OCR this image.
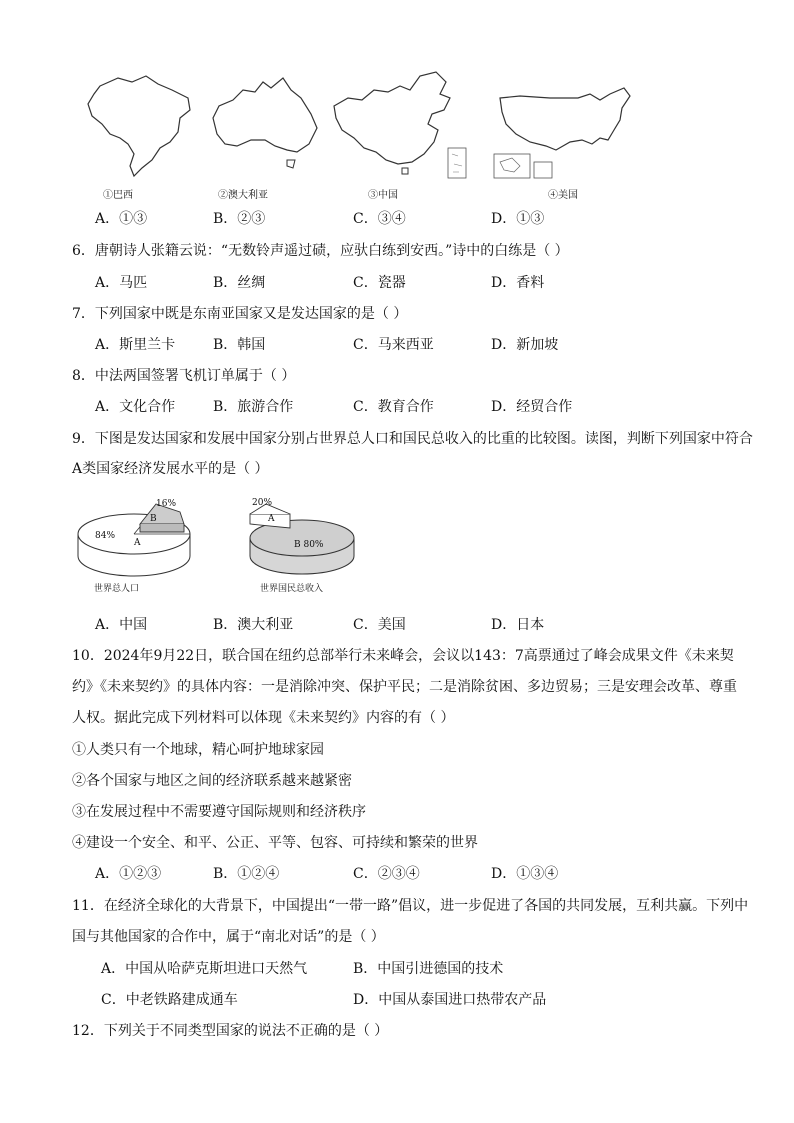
①巴西	②澳大利亚	③中国	④美国
A．①③	B．②③	C．③④	D．①③
6．唐朝诗人张籍云说：“无数铃声遥过碛，应驮白练到安西。”诗中的白练是（ ）
A．马匹	B．丝绸	C．瓷器	D．香料
7．下列国家中既是东南亚国家又是发达国家的是（ ）
A．斯里兰卡	B．韩国	C．马来西亚	D．新加坡
8．中法两国签署飞机订单属于（ ）
A．文化合作	B．旅游合作	C．教育合作	D．经贸合作
9．下图是发达国家和发展中国家分别占世界总人口和国民总收入的比重的比较图。读图，判断下列国家中符合
A类国家经济发展水平的是（ ）
84%
A
B
16%
世界总人口
20%
A
B 80%
世界国民总收入
A．中国	B．澳大利亚	C．美国	D．日本
10．2024年9月22日，联合国在纽约总部举行未来峰会，会议以143：7高票通过了峰会成果文件《未来契
约》《未来契约》的具体内容：一是消除冲突、保护平民；二是消除贫困、多边贸易；三是安理会改革、尊重
人权。据此完成下列材料可以体现《未来契约》内容的有（ ）
①人类只有一个地球，精心呵护地球家园
②各个国家与地区之间的经济联系越来越紧密
③在发展过程中不需要遵守国际规则和经济秩序
④建设一个安全、和平、公正、平等、包容、可持续和繁荣的世界
A．①②③	B．①②④	C．②③④	D．①③④
11．在经济全球化的大背景下，中国提出“一带一路”倡议，进一步促进了各国的共同发展，互利共赢。下列中
国与其他国家的合作中，属于“南北对话”的是（ ）
A．中国从哈萨克斯坦进口天然气	B．中国引进德国的技术
C．中老铁路建成通车	D．中国从泰国进口热带农产品
12．下列关于不同类型国家的说法不正确的是（ ）
